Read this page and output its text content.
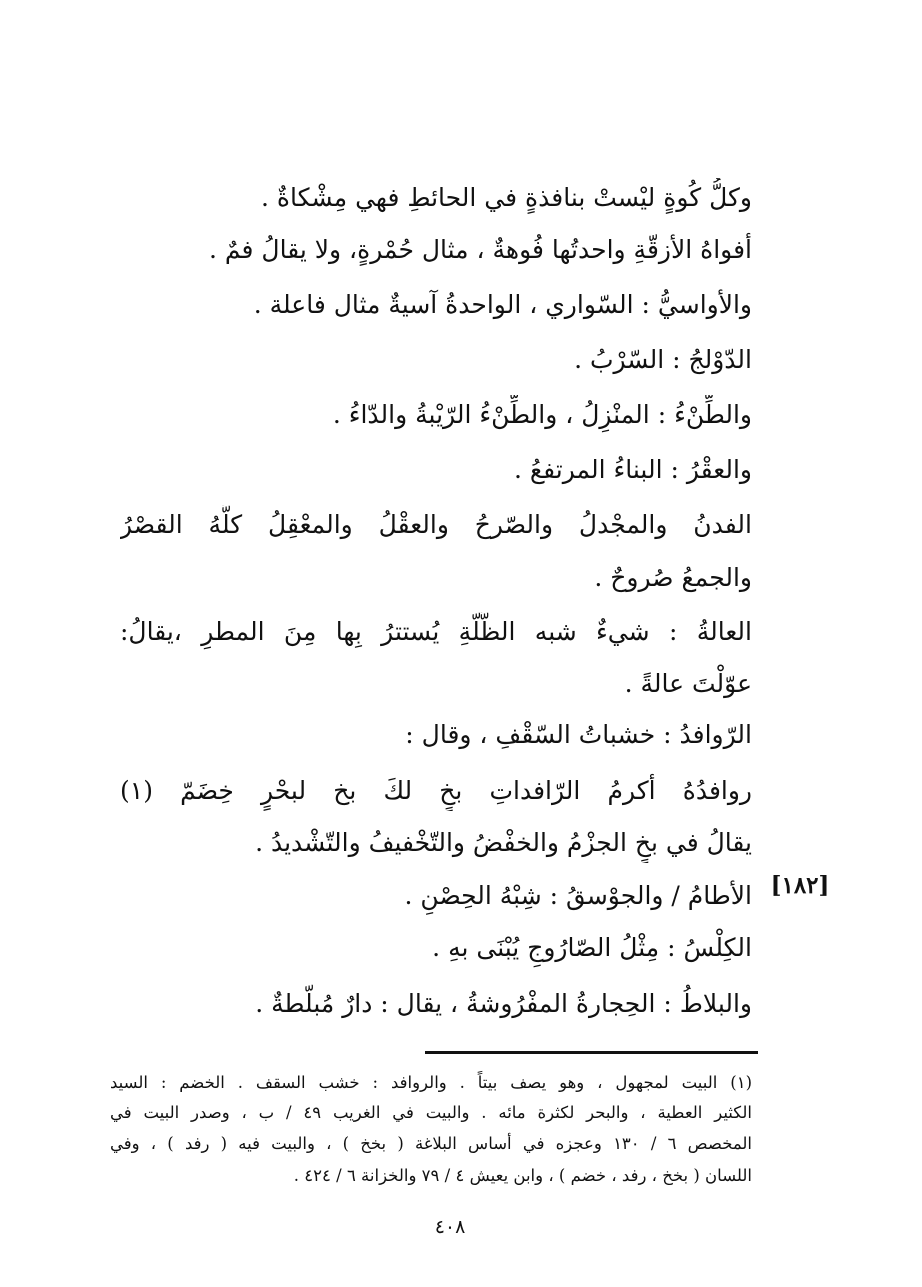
وكلُّ كُوةٍ ليْستْ بنافذةٍ في الحائطِ فهي مِشْكاةٌ .
أفواهُ الأزقّةِ واحدتُها فُوهةٌ ، مثال حُمْرةٍ، ولا يقالُ فمٌ .
والأواسيُّ : السّواري ، الواحدةُ آسيةٌ مثال فاعلة .
الدّوْلجُ : السّرْبُ .
والطِّنْءُ : المنْزِلُ ، والطِّنْءُ الرّيْبةُ والدّاءُ .
والعقْرُ : البناءُ المرتفعُ .
الفدنُ والمجْدلُ والصّرحُ والعقْلُ والمعْقِلُ كلُّهُ القصْرُ
والجمعُ صُروحٌ .
العالةُ : شيءٌ شبه الظُّلّةِ يُستترُ بِها مِنَ المطرِ ،يقالُ:
عوّلْتَ عالةً .
الرّوافدُ : خشباتُ السّقْفِ ، وقال :
روافدُهُ أكرمُ الرّافداتِ بخٍ لكَ بخ لبحْرٍ خِضَمّ (١)
يقالُ في بخٍ الجزْمُ والخفْضُ والتّخْفيفُ والتّشْديدُ .
الأطامُ / والجوْسقُ : شِبْهُ الحِصْنِ . [١٨٢]
الكِلْسُ : مِثْلُ الصّارُوجِ يُبْنَى بهِ .
والبلاطُ : الحِجارةُ المفْرُوشةُ ، يقال : دارٌ مُبلّطةٌ .
(١) البيت لمجهول ، وهو يصف بيتاً . والروافد : خشب السقف . الخضم : السيد
الكثير العطية ، والبحر لكثرة مائه . والبيت في الغريب ٤٩ / ب ، وصدر البيت في
المخصص ٦ / ١٣٠ وعجزه في أساس البلاغة ( بخخ ) ، والبيت فيه ( رفد ) ، وفي
اللسان ( بخخ ، رفد ، خضم ) ، وابن يعيش ٤ / ٧٩ والخزانة ٦ / ٤٢٤ .
٤٠٨
